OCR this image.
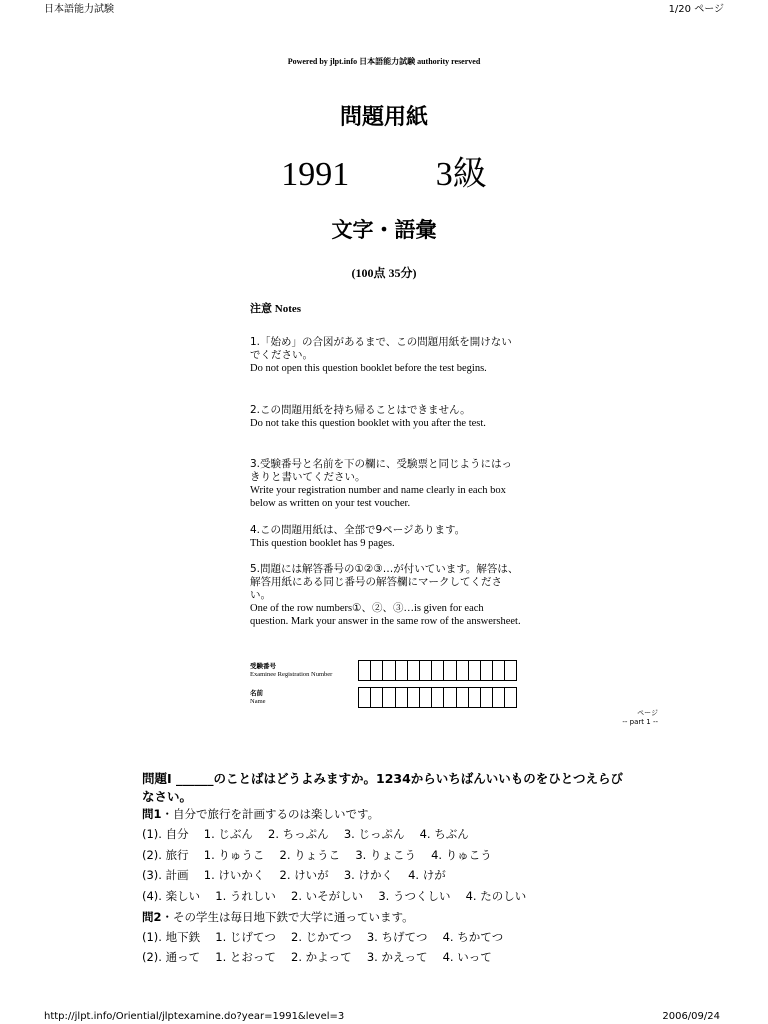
日本語能力試験	1/20 ページ
Powered by jlpt.info 日本語能力試験 authority reserved
問題用紙
1991	3級
文字・語彙
(100点 35分)
注意 Notes
1.「始め」の合図があるまで、この問題用紙を開けないでください。
Do not open this question booklet before the test begins.
2.この問題用紙を持ち帰ることはできません。
Do not take this question booklet with you after the test.
3.受験番号と名前を下の欄に、受験票と同じようにはっきりと書いてください。
Write your registration number and name clearly in each box below as written on your test voucher.
4.この問題用紙は、全部で9ページあります。
This question booklet has 9 pages.
5.問題には解答番号の①②③…が付いています。解答は、解答用紙にある同じ番号の解答欄にマークしてください。
One of the row numbers①、②、③…is given for each question. Mark your answer in the same row of the answersheet.
受験番号
Examinee Registration Number
名前
Name
ページ
-- part 1 --
問題Ⅰ ______のことばはどうよみますか。1234からいちばんいいものをひとつえらびなさい。
問1・自分で旅行を計画するのは楽しいです。
(1). 自分　 1. じぶん　 2. ちっぷん　 3. じっぷん　 4. ちぶん
(2). 旅行　 1. りゅうこ　 2. りょうこ　 3. りょこう　 4. りゅこう
(3). 計画　 1. けいかく　 2. けいが　 3. けかく　 4. けが
(4). 楽しい　 1. うれしい　 2. いそがしい　 3. うつくしい　 4. たのしい
問2・その学生は毎日地下鉄で大学に通っています。
(1). 地下鉄　 1. じげてつ　 2. じかてつ　 3. ちげてつ　 4. ちかてつ
(2). 通って　 1. とおって　 2. かよって　 3. かえって　 4. いって
http://jlpt.info/Oriential/jlptexamine.do?year=1991&level=3	2006/09/24
